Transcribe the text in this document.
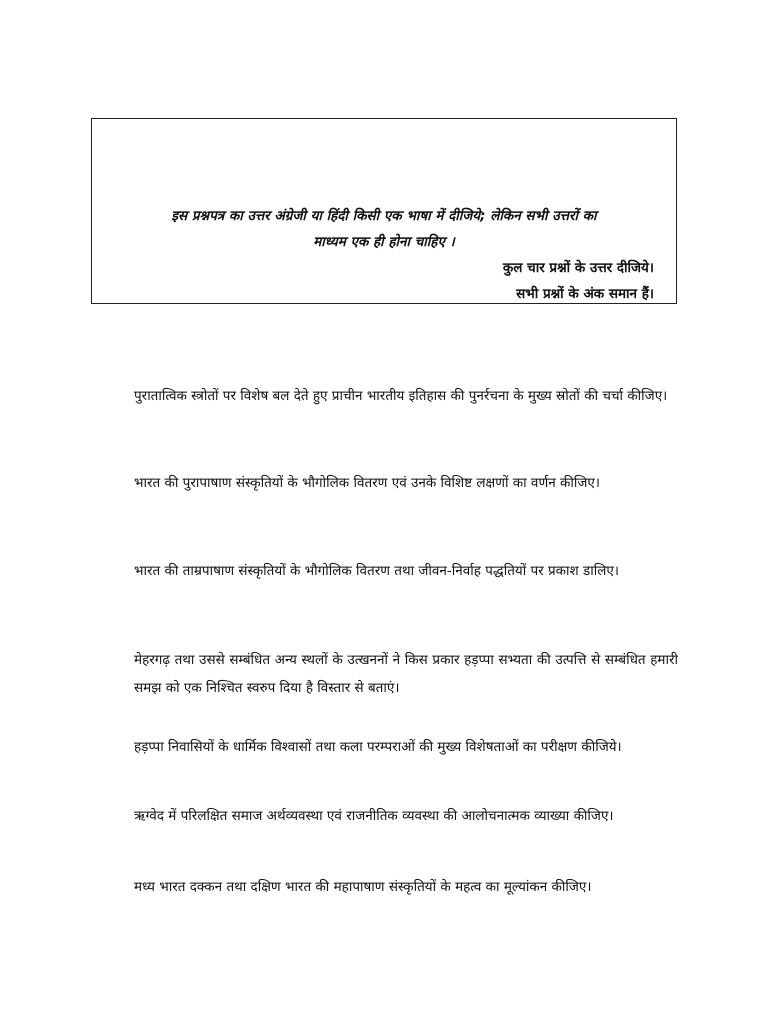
इस प्रश्नपत्र का उत्तर अंग्रेजी या हिंदी किसी एक भाषा में दीजिये; लेकिन सभी उत्तरों का
माध्यम एक ही होना चाहिए ।
कुल चार प्रश्नों के उत्तर दीजिये।
सभी प्रश्नों के अंक समान हैं।
पुरातात्विक स्त्रोतों पर विशेष बल देते हुए प्राचीन भारतीय इतिहास की पुनर्रचना के मुख्य स्रोतों की चर्चा कीजिए।
भारत की पुरापाषाण संस्कृतियों के भौगोलिक वितरण एवं उनके विशिष्ट लक्षणों का वर्णन कीजिए।
भारत की ताम्रपाषाण संस्कृतियों के भौगोलिक वितरण तथा जीवन-निर्वाह पद्धतियों पर प्रकाश डालिए।
मेहरगढ़ तथा उससे सम्बंधित अन्य स्थलों के उत्खननों ने किस प्रकार हड़प्पा सभ्यता की उत्पत्ति से सम्बंधित हमारी समझ को एक निश्चित स्वरुप दिया है विस्तार से बताएं।
हड़प्पा निवासियों के धार्मिक विश्वासों तथा कला परम्पराओं की मुख्य विशेषताओं का परीक्षण कीजिये।
ऋग्वेद में परिलक्षित समाज अर्थव्यवस्था एवं राजनीतिक व्यवस्था की आलोचनात्मक व्याख्या कीजिए।
मध्य भारत दक्कन तथा दक्षिण भारत की महापाषाण संस्कृतियों के महत्व का मूल्यांकन कीजिए।
